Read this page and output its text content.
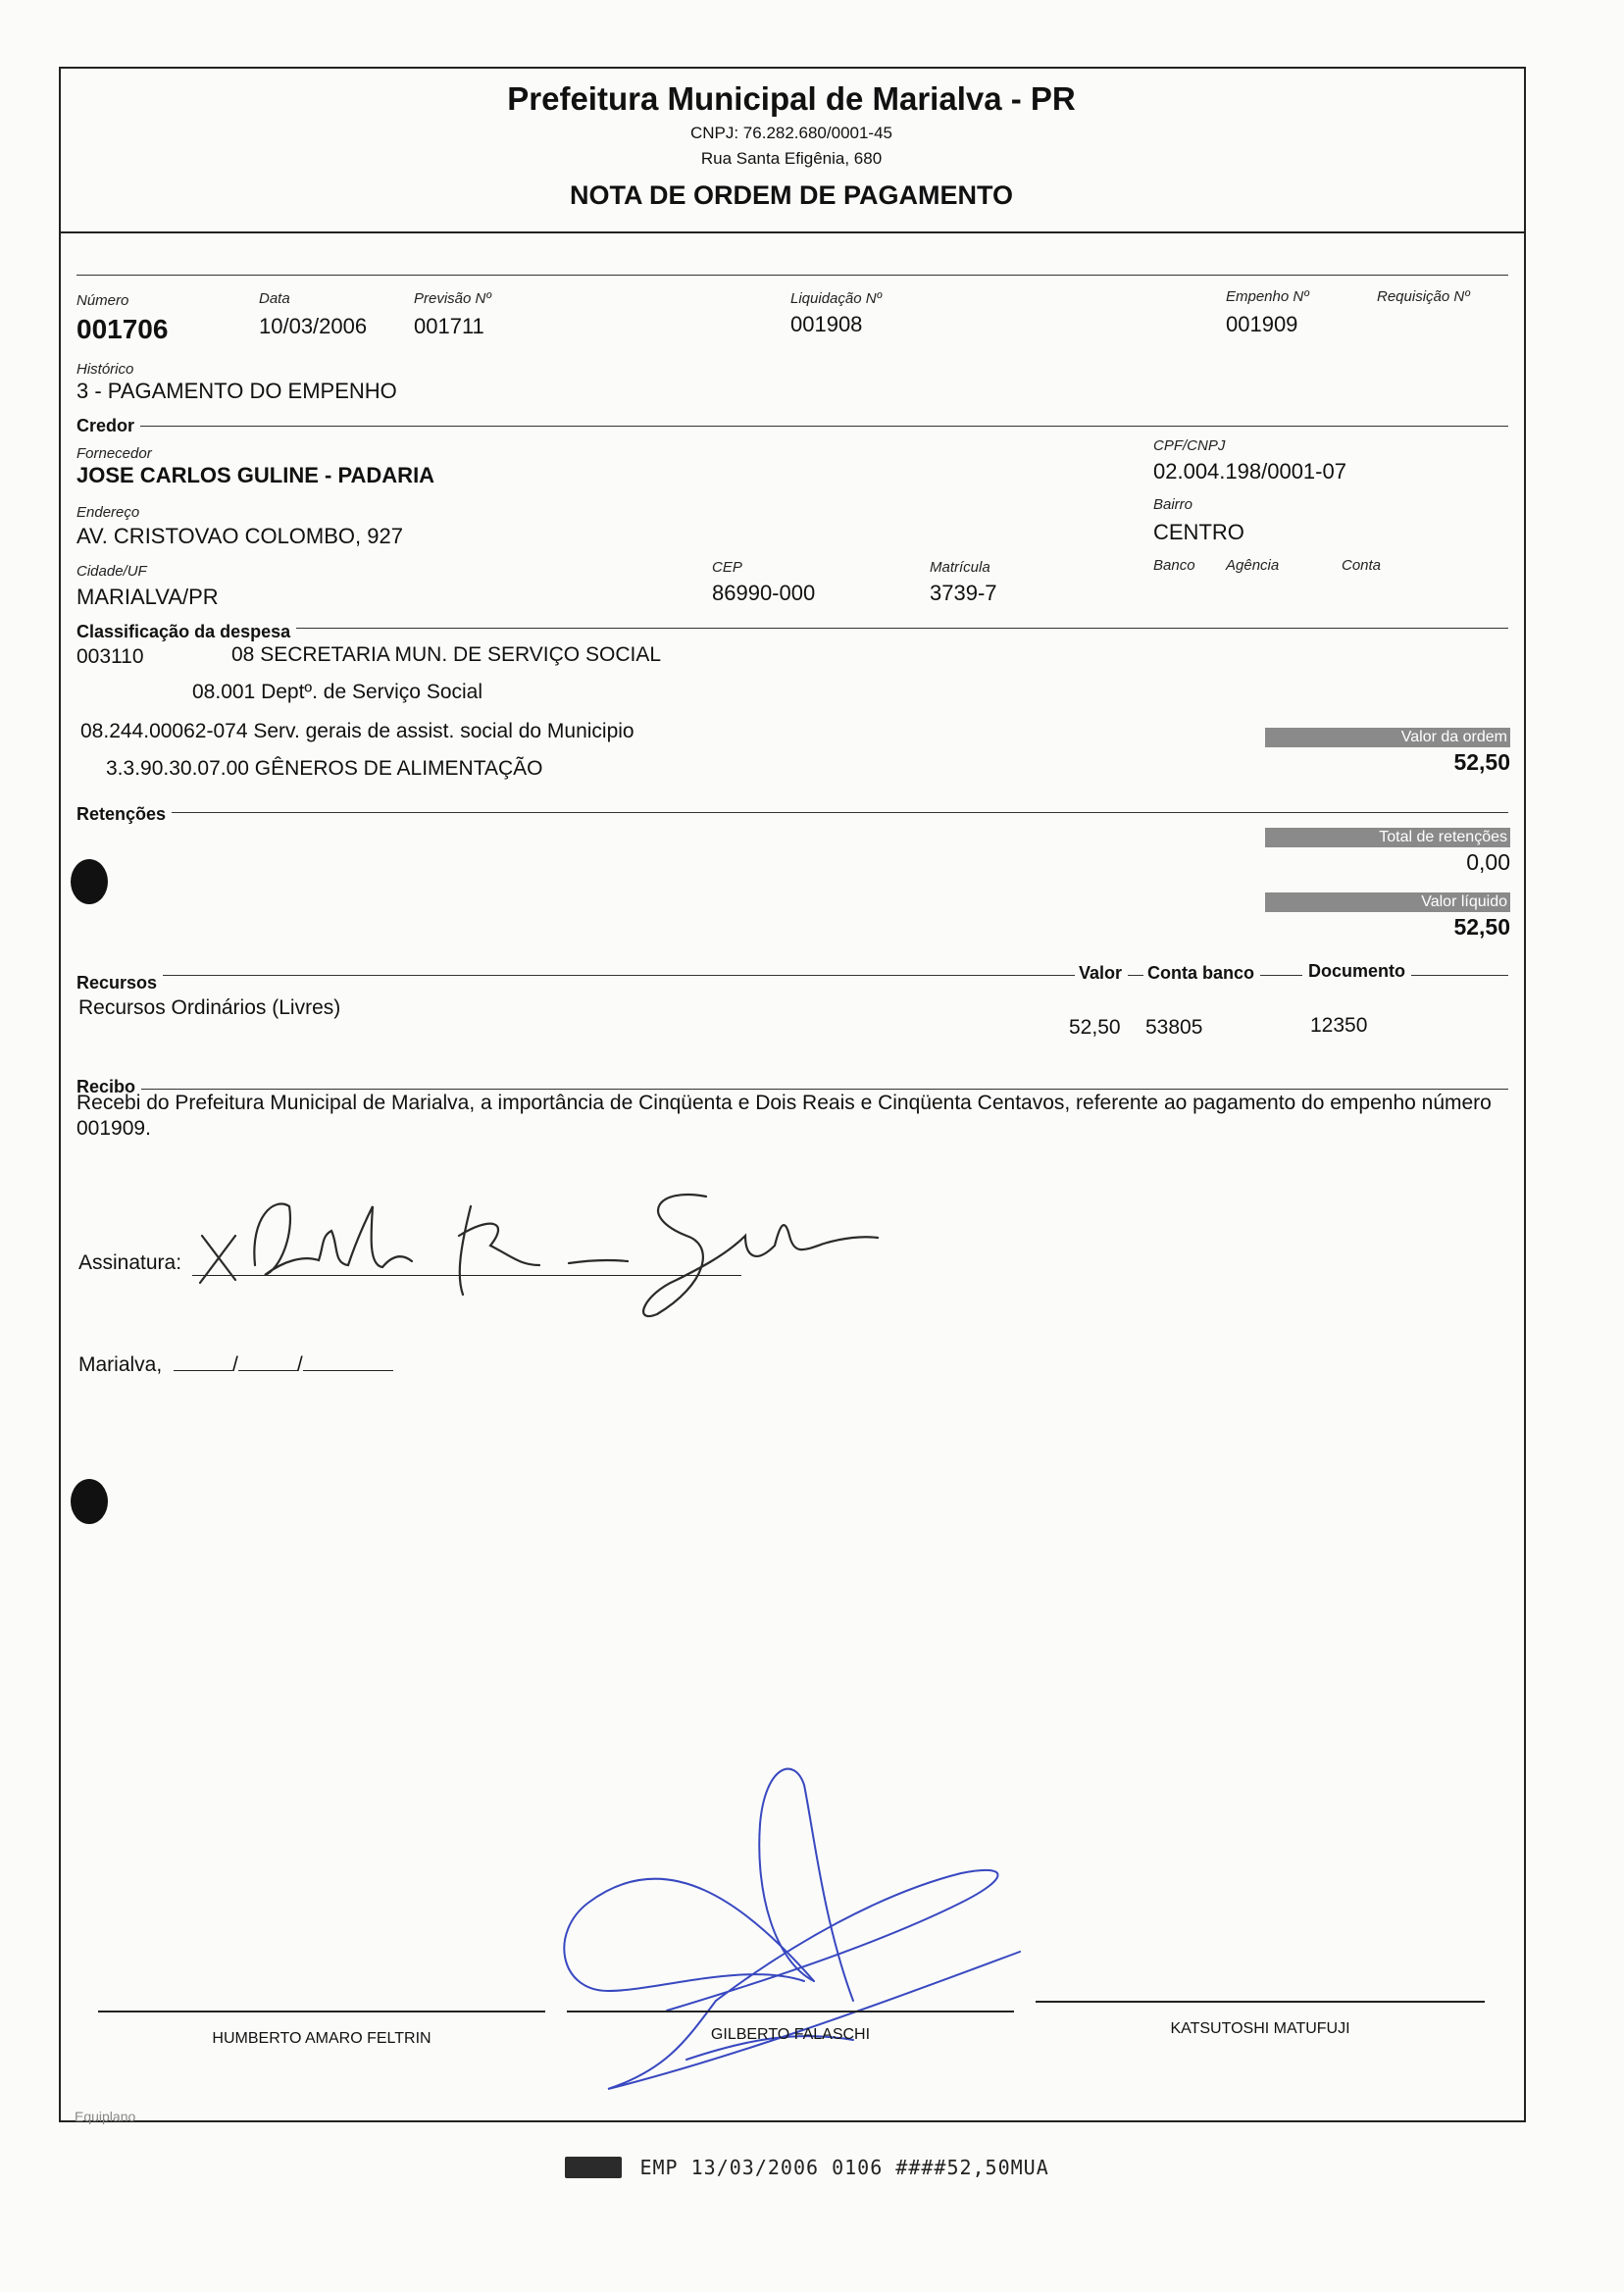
Prefeitura Municipal de Marialva - PR
CNPJ: 76.282.680/0001-45
Rua Santa Efigênia, 680
NOTA DE ORDEM DE PAGAMENTO
Número
001706
Data
10/03/2006
Previsão Nº
001711
Liquidação Nº
001908
Empenho Nº
001909
Requisição Nº
Histórico
3 - PAGAMENTO DO EMPENHO
Credor
Fornecedor
JOSE CARLOS GULINE - PADARIA
CPF/CNPJ
02.004.198/0001-07
Endereço
AV. CRISTOVAO COLOMBO, 927
Bairro
CENTRO
Cidade/UF
MARIALVA/PR
CEP
86990-000
Matrícula
3739-7
Banco Agência	Conta
Classificação da despesa
003110	08 SECRETARIA MUN. DE SERVIÇO SOCIAL
08.001 Deptº. de Serviço Social
08.244.00062-074 Serv. gerais de assist. social do Municipio
3.3.90.30.07.00 GÊNEROS DE ALIMENTAÇÃO
Valor da ordem
52,50
Retenções
Total de retenções
0,00
Valor líquido
52,50
Recursos	Valor	Conta banco	Documento
Recursos Ordinários (Livres)
52,50 53805	12350
Recibo
Recebi do Prefeitura Municipal de Marialva, a importância de Cinqüenta e Dois Reais e Cinqüenta Centavos, referente ao pagamento do empenho número 001909.
Assinatura:
Marialva,	/	/
HUMBERTO AMARO FELTRIN	GILBERTO FALASCHI	KATSUTOSHI MATUFUJI
Equiplano
EMP 13/03/2006 0106 ####52,50MUA
